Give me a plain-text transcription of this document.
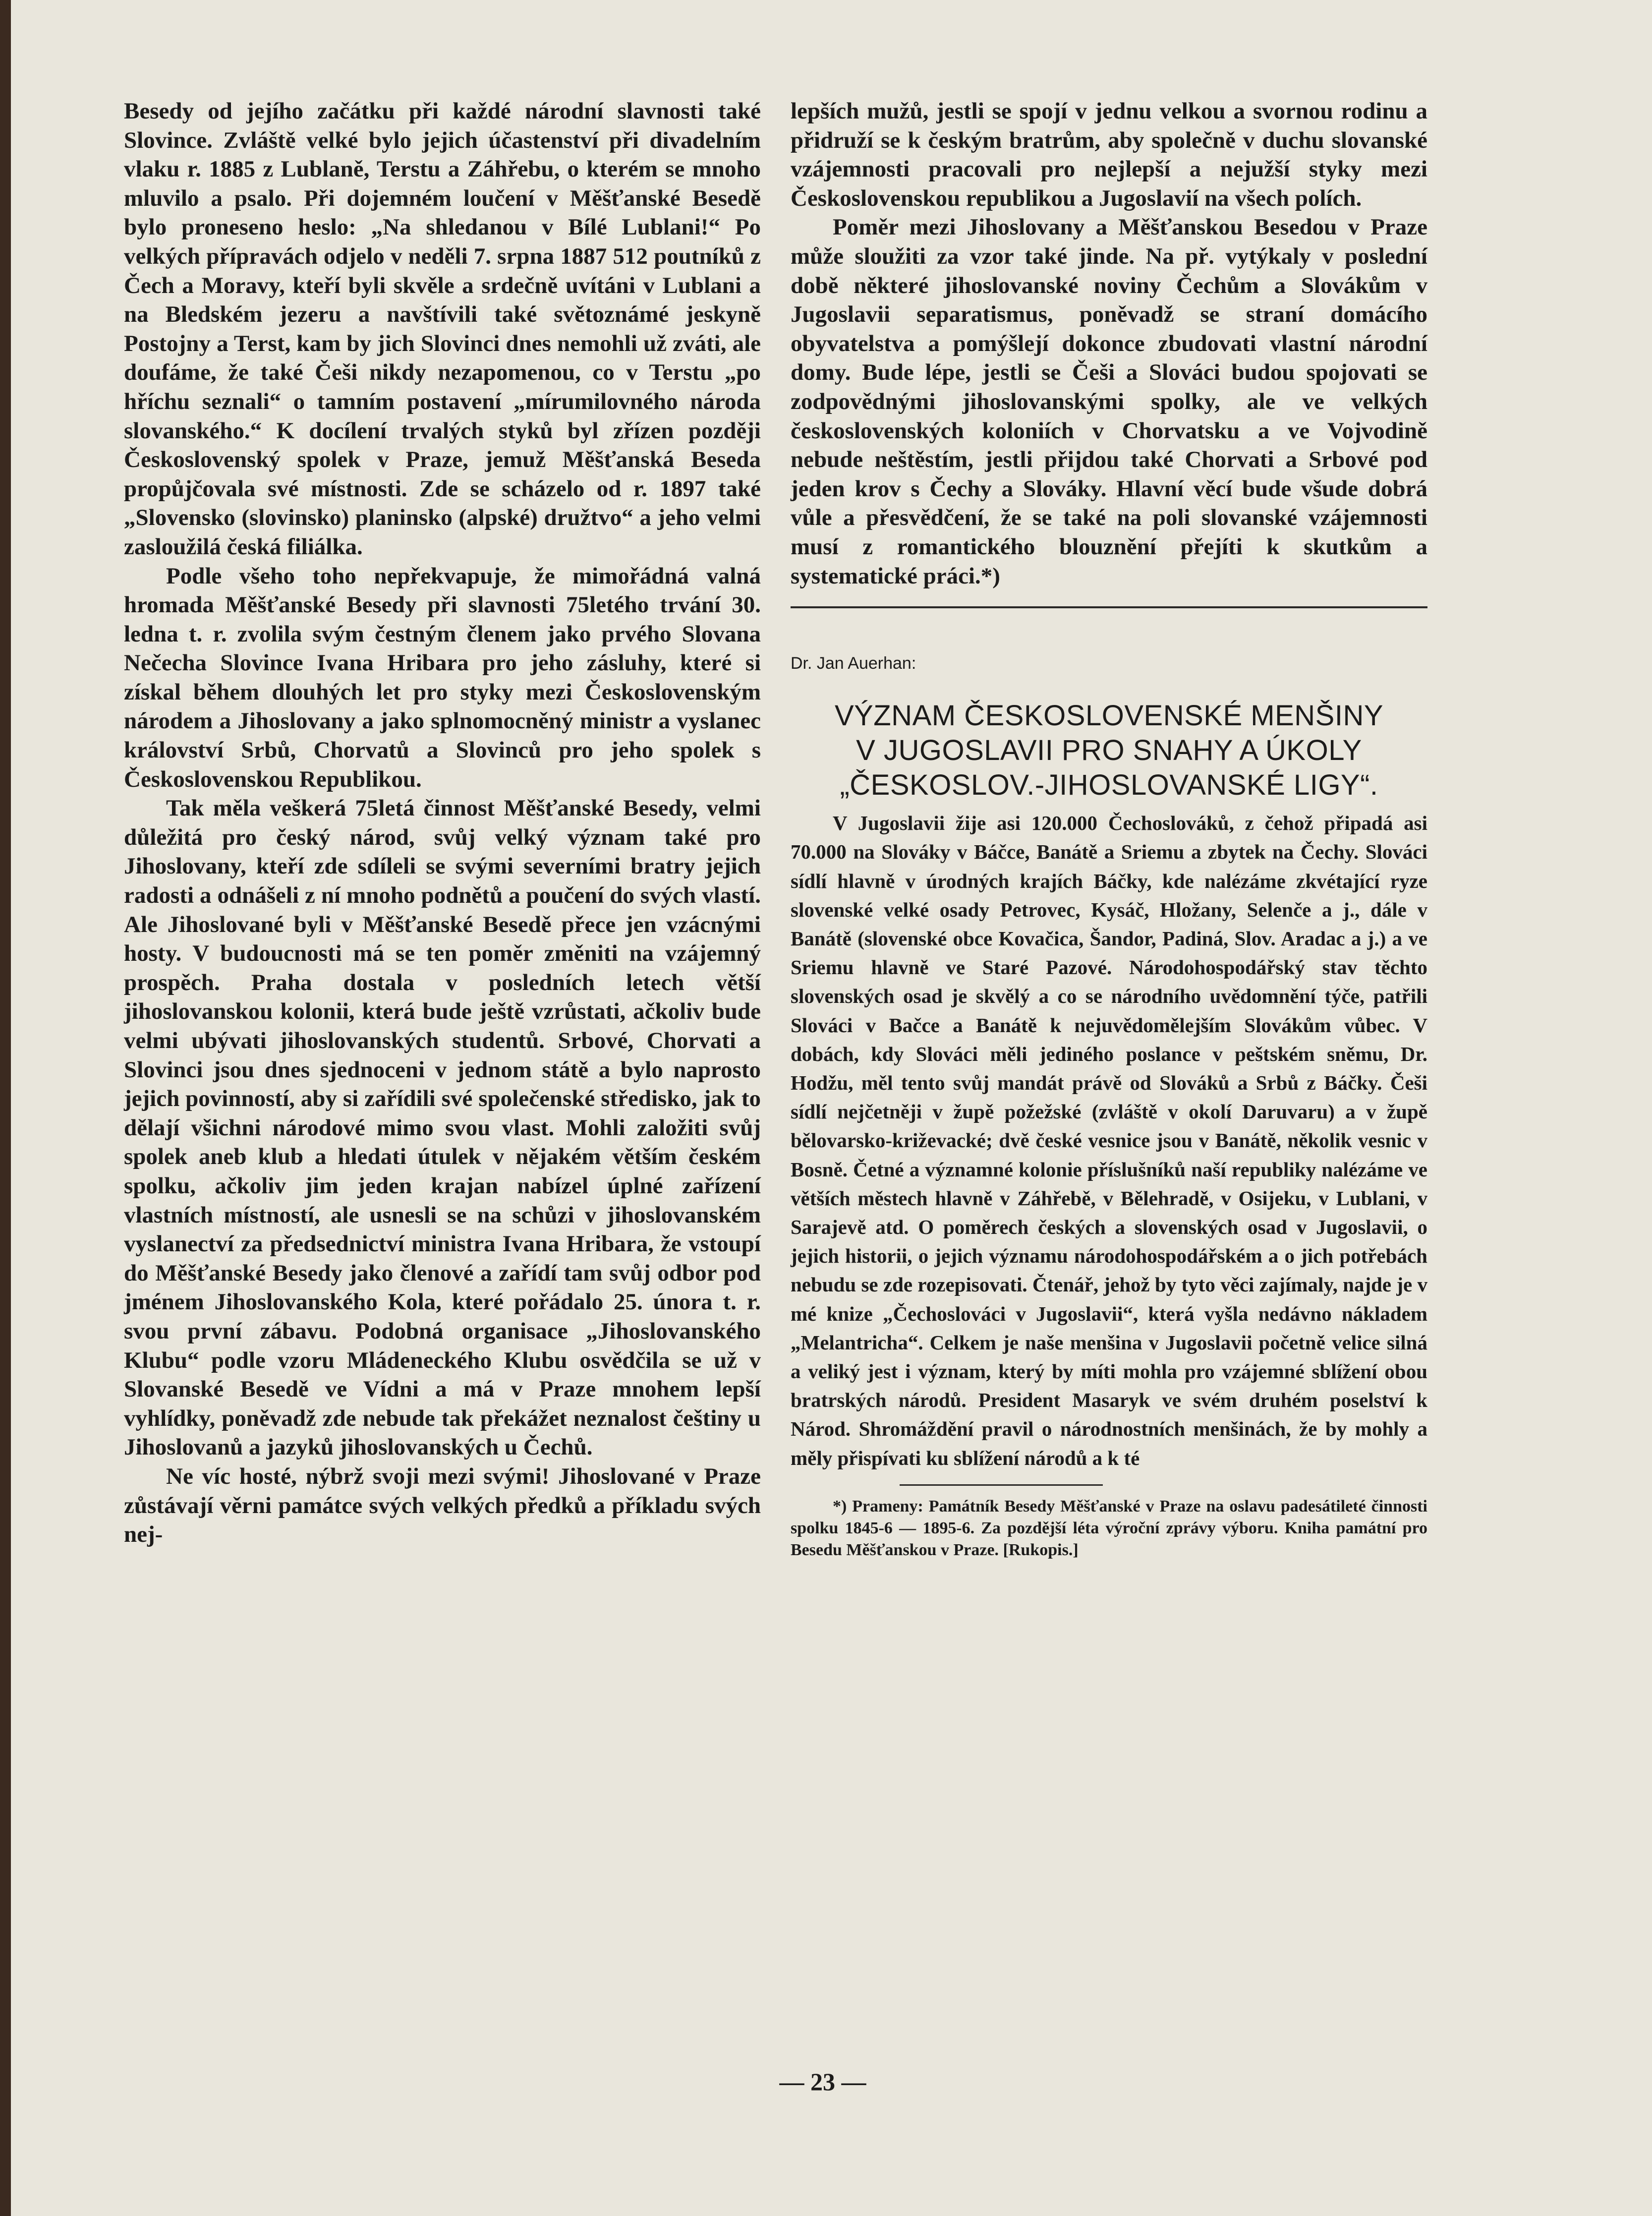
Besedy od jejího začátku při každé národní slavnosti také Slovince. Zvláště velké bylo jejich účastenství při divadelním vlaku r. 1885 z Lublaně, Terstu a Záhřebu, o kterém se mnoho mluvilo a psalo. Při dojemném loučení v Měšťanské Besedě bylo proneseno heslo: „Na shledanou v Bílé Lublani!“ Po velkých přípravách odjelo v neděli 7. srpna 1887 512 poutníků z Čech a Moravy, kteří byli skvěle a srdečně uvítáni v Lublani a na Bledském jezeru a navštívili také světoznámé jeskyně Postojny a Terst, kam by jich Slovinci dnes nemohli už zváti, ale doufáme, že také Češi nikdy nezapomenou, co v Terstu „po hříchu seznali“ o tamním postavení „mírumilovného národa slovanského.“ K docílení trvalých styků byl zřízen později Československý spolek v Praze, jemuž Měšťanská Beseda propůjčovala své místnosti. Zde se scházelo od r. 1897 také „Slovensko (slovinsko) planinsko (alpské) družtvo“ a jeho velmi zasloužilá česká filiálka.

Podle všeho toho nepřekvapuje, že mimořádná valná hromada Měšťanské Besedy při slavnosti 75letého trvání 30. ledna t. r. zvolila svým čestným členem jako prvého Slovana Nečecha Slovince Ivana Hribara pro jeho zásluhy, které si získal během dlouhých let pro styky mezi Československým národem a Jihoslovany a jako splnomocněný ministr a vyslanec království Srbů, Chorvatů a Slovinců pro jeho spolek s Československou Republikou.

Tak měla veškerá 75letá činnost Měšťanské Besedy, velmi důležitá pro český národ, svůj velký význam také pro Jihoslovany, kteří zde sdíleli se svými severními bratry jejich radosti a odnášeli z ní mnoho podnětů a poučení do svých vlastí. Ale Jihoslované byli v Měšťanské Besedě přece jen vzácnými hosty. V budoucnosti má se ten poměr změniti na vzájemný prospěch. Praha dostala v posledních letech větší jihoslovanskou kolonii, která bude ještě vzrůstati, ačkoliv bude velmi ubývati jihoslovanských studentů. Srbové, Chorvati a Slovinci jsou dnes sjednoceni v jednom státě a bylo naprosto jejich povinností, aby si zařídili své společenské středisko, jak to dělají všichni národové mimo svou vlast. Mohli založiti svůj spolek aneb klub a hledati útulek v nějakém větším českém spolku, ačkoliv jim jeden krajan nabízel úplné zařízení vlastních místností, ale usnesli se na schůzi v jihoslovanském vyslanectví za předsednictví ministra Ivana Hribara, že vstoupí do Měšťanské Besedy jako členové a zařídí tam svůj odbor pod jménem Jihoslovanského Kola, které pořádalo 25. února t. r. svou první zábavu. Podobná organisace „Jihoslovanského Klubu“ podle vzoru Mládeneckého Klubu osvědčila se už v Slovanské Besedě ve Vídni a má v Praze mnohem lepší vyhlídky, poněvadž zde nebude tak překážet neznalost češtiny u Jihoslovanů a jazyků jihoslovanských u Čechů.

Ne víc hosté, nýbrž svoji mezi svými! Jihoslované v Praze zůstávají věrni památce svých velkých předků a příkladu svých nej-

lepších mužů, jestli se spojí v jednu velkou a svornou rodinu a přidruží se k českým bratrům, aby společně v duchu slovanské vzájemnosti pracovali pro nejlepší a nejužší styky mezi Československou republikou a Jugoslavií na všech polích.

Poměr mezi Jihoslovany a Měšťanskou Besedou v Praze může sloužiti za vzor také jinde. Na př. vytýkaly v poslední době některé jihoslovanské noviny Čechům a Slovákům v Jugoslavii separatismus, poněvadž se straní domácího obyvatelstva a pomýšlejí dokonce zbudovati vlastní národní domy. Bude lépe, jestli se Češi a Slováci budou spojovati se zodpovědnými jihoslovanskými spolky, ale ve velkých československých koloniích v Chorvatsku a ve Vojvodině nebude neštěstím, jestli přijdou také Chorvati a Srbové pod jeden krov s Čechy a Slováky. Hlavní věcí bude všude dobrá vůle a přesvědčení, že se také na poli slovanské vzájemnosti musí z romantického blouznění přejíti k skutkům a systematické práci.*)

Dr. Jan Auerhan:
VÝZNAM ČESKOSLOVENSKÉ MENŠINY
V JUGOSLAVII PRO SNAHY A ÚKOLY
„ČESKOSLOV.-JIHOSLOVANSKÉ LIGY“.

V Jugoslavii žije asi 120.000 Čechoslováků, z čehož připadá asi 70.000 na Slováky v Báčce, Banátě a Sriemu a zbytek na Čechy. Slováci sídlí hlavně v úrodných krajích Báčky, kde nalézáme zkvétající ryze slovenské velké osady Petrovec, Kysáč, Hložany, Selenče a j., dále v Banátě (slovenské obce Kovačica, Šandor, Padiná, Slov. Aradac a j.) a ve Sriemu hlavně ve Staré Pazové. Národohospodářský stav těchto slovenských osad je skvělý a co se národního uvědomnění týče, patřili Slováci v Bačce a Banátě k nejuvědomělejším Slovákům vůbec. V dobách, kdy Slováci měli jediného poslance v peštském sněmu, Dr. Hodžu, měl tento svůj mandát právě od Slováků a Srbů z Báčky. Češi sídlí nejčetněji v župě požežské (zvláště v okolí Daruvaru) a v župě bělovarsko-križevacké; dvě české vesnice jsou v Banátě, několik vesnic v Bosně. Četné a významné kolonie příslušníků naší republiky nalézáme ve větších městech hlavně v Záhřebě, v Bělehradě, v Osijeku, v Lublani, v Sarajevě atd. O poměrech českých a slovenských osad v Jugoslavii, o jejich historii, o jejich významu národohospodářském a o jich potřebách nebudu se zde rozepisovati. Čtenář, jehož by tyto věci zajímaly, najde je v mé knize „Čechoslováci v Jugoslavii“, která vyšla nedávno nákladem „Melantricha“. Celkem je naše menšina v Jugoslavii početně velice silná a veliký jest i význam, který by míti mohla pro vzájemné sblížení obou bratrských národů. President Masaryk ve svém druhém poselství k Národ. Shromáždění pravil o národnostních menšinách, že by mohly a měly přispívati ku sblížení národů a k té

*) Prameny: Památník Besedy Měšťanské v Praze na oslavu padesátileté činnosti spolku 1845-6 — 1895-6. Za pozdější léta výroční zprávy výboru. Kniha památní pro Besedu Měšťanskou v Praze. [Rukopis.]

— 23 —
